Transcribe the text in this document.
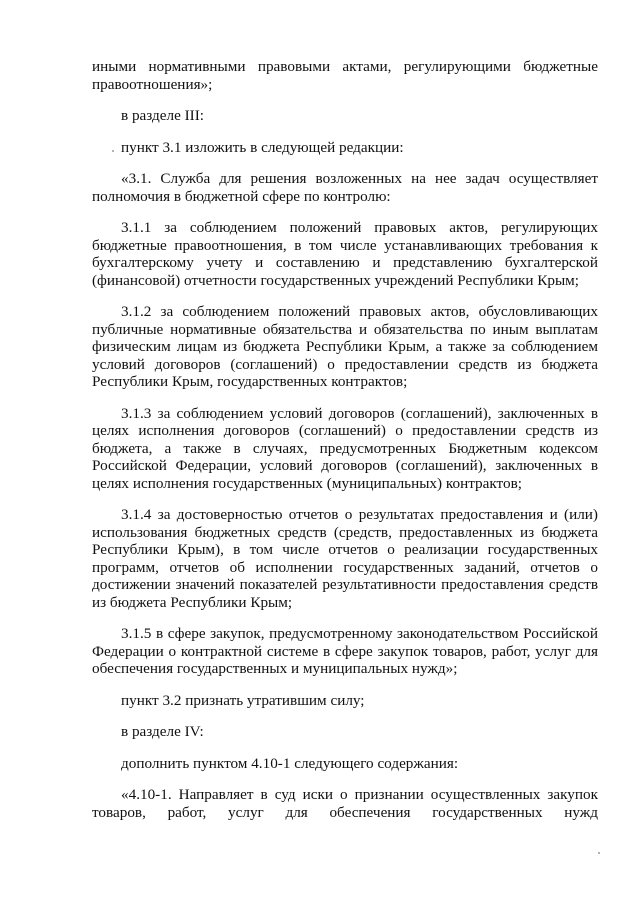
иными нормативными правовыми актами, регулирующими бюджетные правоотношения»;

в разделе III:

пункт 3.1 изложить в следующей редакции:

«3.1. Служба для решения возложенных на нее задач осуществляет полномочия в бюджетной сфере по контролю:

3.1.1 за соблюдением положений правовых актов, регулирующих бюджетные правоотношения, в том числе устанавливающих требования к бухгалтерскому учету и составлению и представлению бухгалтерской (финансовой) отчетности государственных учреждений Республики Крым;

3.1.2 за соблюдением положений правовых актов, обусловливающих публичные нормативные обязательства и обязательства по иным выплатам физическим лицам из бюджета Республики Крым, а также за соблюдением условий договоров (соглашений) о предоставлении средств из бюджета Республики Крым, государственных контрактов;

3.1.3 за соблюдением условий договоров (соглашений), заключенных в целях исполнения договоров (соглашений) о предоставлении средств из бюджета, а также в случаях, предусмотренных Бюджетным кодексом Российской Федерации, условий договоров (соглашений), заключенных в целях исполнения государственных (муниципальных) контрактов;

3.1.4 за достоверностью отчетов о результатах предоставления и (или) использования бюджетных средств (средств, предоставленных из бюджета Республики Крым), в том числе отчетов о реализации государственных программ, отчетов об исполнении государственных заданий, отчетов о достижении значений показателей результативности предоставления средств из бюджета Республики Крым;

3.1.5 в сфере закупок, предусмотренному законодательством Российской Федерации о контрактной системе в сфере закупок товаров, работ, услуг для обеспечения государственных и муниципальных нужд»;

пункт 3.2 признать утратившим силу;

в разделе IV:

дополнить пунктом 4.10-1 следующего содержания:

«4.10-1. Направляет в суд иски о признании осуществленных закупок товаров, работ, услуг для обеспечения государственных нужд
